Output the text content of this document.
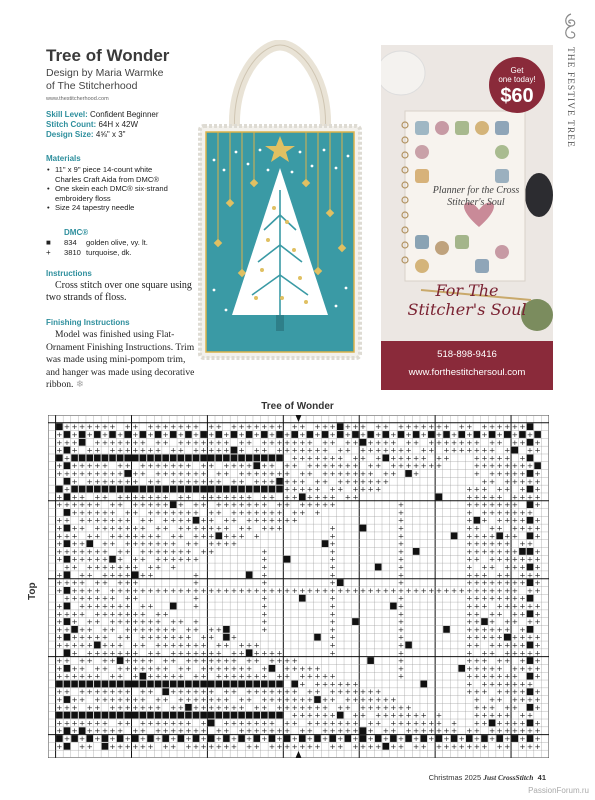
Tree of Wonder
Design by Maria Warmke
of The Stitcherhood
www.thestitcherhood.com
Skill Level: Confident Beginner
Stitch Count: 64H x 42W
Design Size: 4⅝" x 3"
Materials
• 11" x 9" piece 14-count white Charles Craft Aida from DMC®
• One skein each DMC® six-strand embroidery floss
• Size 24 tapestry needle
DMC®
■	834	golden olive, vy. lt.
+	3810 turquoise, dk.
Instructions

Cross stitch over one square using two strands of floss.

Finishing Instructions

Model was finished using Flat-Ornament Finishing Instructions. Trim was made using mini-pompom trim, and hanger was made using decorative ribbon. ❄

Get
one today!
$60
Planner for the Cross Stitcher's Soul
For The
Stitcher's Soul
518-898-9416
www.forthestitchersoul.com
THE FESTIVE TREE
Tree of Wonder
Top
+
+
+
+
+
+
+
+
+
+
+
+
+
+
+
+
+
+
+
+
+
+
+
+
+
+
+
+
+
+
+
+
+
+
+
+
+
+
+
+
+
+
+
+
+
+
+
+
+
+
+
+
+
+
+
+
+
+
+
+
+
+
+
+
+
+
+
+
+
+
+
+
+
+
+
+
+
+
+
+
+
+
+
+
+
+
+
+
+
+
+
+
+
+
+
+
+
+
+
+
+
+
+
+
+
+
+
+
+
+
+
+
+
+
+
+
+
+
+
+
+
+
+
+
+
+
+
+
+
+
+
+
+
+
+
+
+
+
+
+
+
+
+
+
+
+
+
+
+
+
+
+
+
+
+
+
+
+
+
+
+
+
+
+
+
+
+
+
+
+
+
+
+
+
+
+
+
+
+
+
+
+
+
+
+
+
+
+
+
+
+
+
+
+
+
+
+
+
+
+
+
+
+
+
+
+
+
+
+
+
+
+
+
+
+
+
+
+
+
+
+
+
+
+
+
+
+
+
+
+
+
+
+
+
+
+
+
+
+
+
+
+
+
+
+
+
+
+
+
+
+
+
+
+
+
+
+
+
+
+
+
+
+
+
+
+
+
+
+
+
+
+
+
+
+
+
+
+
+
+
+
+
+
+
+
+
+
+
+
+
+
+
+
+
+
+
+
+
+
+
+
+
+
+
+
+
+
+
+
+
+
+
+
+
+
+
+
+
+
+
+
+
+
+
+
+
+
+
+
+
+
+
+
+
+
+
+
+
+
+
+
+
+
+
+
+
+
+
+
+
+
+
+
+
+
+
+
+
+
+
+
+
+
+
+
+
+
+
+
+
+
+
+
+
+
+
+
+
+
+
+
+
+
+
+
+
+
+
+
+
+
+
+
+
+
+
+
+
+
+
+
+
+
+
+
+
+
+
+
+
+
+
+
+
+
+
+
+
+
+
+
+
+
+
+
+
+
+
+
+
+
+
+
+
+
+
+
+
+
+
+
+
+
+
+
+
+
+
+
+
+
+
+
+
+
+
+
+
+
+
+
+
+
+
+
+
+
+
+
+
+
+
+
+
+
+
+
+
+
+
+
+
+
+
+
+
+
+
+
+
+
+
+
+
+
+
+
+
+
+
+
+
+
+
+
+
+
+
+
+
+
+
+
+
+
+
+
+
+
+
+
+
+
+
+
+
+
+
+
+
+
+
+
+
+
+
+
+
+
+
+
+
+
+
+
+
+
+
+
+
+
+
+
+
+
+
+
+
+
+
+
+
+
+
+
+
+
+
+
+
+
+
+
+
+
+
+
+
+
+
+
+
+
+
+
+
+
+
+
+
+
+
+
+
+
+
+
+
+
+
+
+
+
+
+
+
+
+
+
+
+
+
+
+
+
+
+
+
+
+
+
+
+
+
+
+
+
+
+
+
+
+
+
+
+
+
+
+
+
+
+
+
+
+
+
+
+
+
+
+
+
+
+
+
+
+
+
+
+
+
+
+
+
+
+
+
+
+
+
+
+
+
+
+
+
+
+
+
+
+
+
+
+
+
+
+
+
+
+
+
+
+
+
+
+
+
+
+
+
+
+
+
+
+
+
+
+
+
+
+
+
+
+
+
+
+
+
+
+
+
+
+
+
+
+
+
+
+
+
+
+
+
+
+
+
+
+
+
+
+
+
+
+
+
+
+
+
+
+
+
+
+
+
+
+
+
+
+
+
+
+
+
+
+
+
+
+
+
+
+
+
+
+
+
+
+
+
+
+
+
+
+
+
+
+
+
+
+
+
+
+
+
+
+
+
+
+
+
+
+
+
+
+
+
+
+
+
+
+
+
+
+
+
+
+
+
+
+
+
+
+
+
+
+
+
+
+
+
+
+
+
+
+
+
+
+
+
+
+
+
+
+
+
+
+
+
+
+
+
+
+
+
+
+
+
+
+
+
+
+
+
+
+
+
+
+
+
+
+
+
+
+
+
+
+
+
+
+
+
+
+
+
+
+
+
+
+
+
+
+
+
+
+
+
+
+
+
+
+
+
+
+
+
+
+
+
+
+
+
+
+
+
+
+
+
+
+
+
+
+
+
+
+
+
+
+
+
+
+
+
+
+
+
+
+
+
+
+
+
+
+
+
+
+
+
+
+
+
+
+
+
+
+
+
+
+
+
+
+
+
+
+
+
+
+
+
+
+
+
+
+
+
+
+
+
+
+
+
+
+
+
+
+
+
+
+
+
+
+
+
+
+
+
+
+
+
+
+
+
+
+
+
+
+
+
+
+
+
+
+
+
+
+
+
+
+
+
+
+
+
+
+
+
+
+
+
+
+
+
+
+
+
+
+
+
+
+
+
+
+
+
+
+
+
+
+
+
+
+
+
+
+
+
+
+
+
+
+
+
+
+
+
+
+
+
+
+
+
+
+
+
+
+
+
+
+
+
+
+
+
+
+
+
+
+
+
+
+
+
+
+
+
+
+
+
+
+
+
+
+
+
+
+
+
+
+
+
+
+
+
+
+
+
+
+
+
+
+
+
+
+
+
+
+
+
+
+
+
+
+
+
+
+
+
+
+
+
+
+
+
+
+
+
+
+
+
+
+
+
+
+
+
+
+
+
+
+
+
+
+
+
+
+
+
+
+
+
+
+
+
+
+
+
+
+
+
+
+
+
+
+
+
+
+
+
+
+
+
+
+
+
+
+
+
+
+
+
+
+
+
+
+
+
+
+
+
+
+
+
+
+
+
+
+
+
+
+
+
+
+
+
+
+
+
+
+
+
+
+
+
+
+
+
+
+
+
+
+
+
+
+
+
+
+
+
+
+
+
+
+
+
+
+
+
+
+
+
+
+
+
+
+
+
+
+
+
+
+
+
+
+
+
+
+
+
+
+
+
+
+
+
+
+
+
+
+
+
+
+
+
+
+
+
+
+
+
+
+
+
+
+
+
+
+
+
+
+
+
+
+
+
+
+
+
+
+
+
+
+
+
+
+
+
+
+
+
+
+
+
+
+
+
+
+
+
+
+
+
+
+
+
+
+
+
+
+
+
+
+
+
+
+
+
+
+
+
+
+
+
+
+
+
+
+
+
+
+
+
+
+
+
+
+
+
+
+
+
+
+
+
+
+
+
+
+
+
+
+
+
+
+
+
+
+
+
+
+
+
+
+
+
+
+
+
+
+
+
+
+
+
+
+
+
+
+
+
+
+
+
+
+
+
+
+
+
+
+
+
+
+
+
+
+
+
+
+
+
+
+
+
+
+
+
+
+
+
+
+
+
+
+
+
+
+
+
+
Christmas 2025 Just CrossStitch 41
PassionForum.ru
